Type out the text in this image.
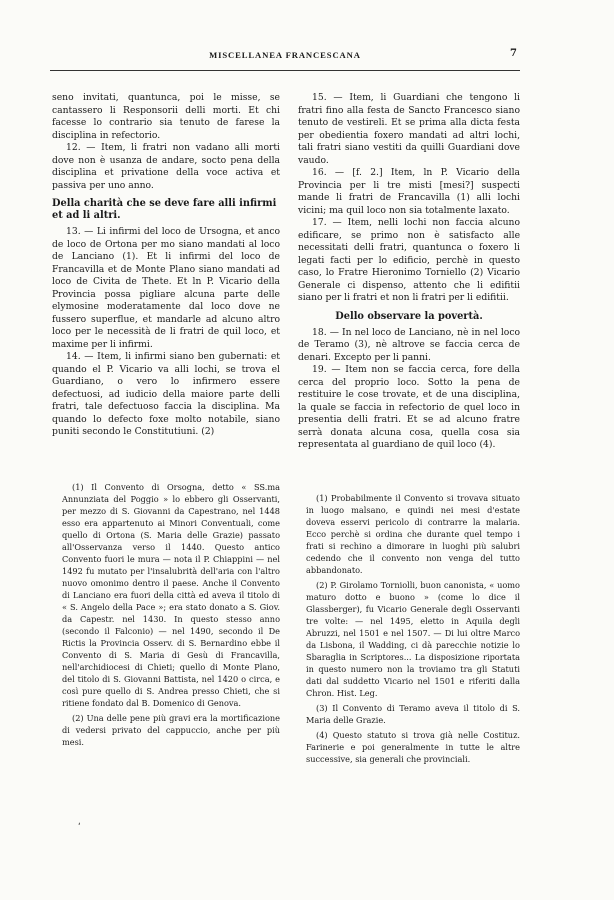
MISCELLANEA FRANCESCANA	7

seno invitati, quantunca, poi le misse, se cantassero li Responsorii delli morti. Et chi facesse lo contrario sia tenuto de farese la disciplina in refectorio.

12. — Item, li fratri non vadano alli morti dove non è usanza de andare, socto pena della disciplina et privatione della voce activa et passiva per uno anno.

Della charità che se deve fare alli infirmi et ad li altri.

13. — Li infirmi del loco de Ursogna, et anco de loco de Ortona per mo siano mandati al loco de Lanciano (1). Et li infirmi del loco de Francavilla et de Monte Plano siano mandati ad loco de Civita de Thete. Et ln P. Vicario della Provincia possa pigliare alcuna parte delle elymosine moderatamente dal loco dove ne fussero superflue, et mandarle ad alcuno altro loco per le necessità de li fratri de quil loco, et maxime per li infirmi.

14. — Item, li infirmi siano ben gubernati: et quando el P. Vicario va alli lochi, se trova el Guardiano, o vero lo infirmero essere defectuosi, ad iudicio della maiore parte delli fratri, tale defectuoso faccia la disciplina. Ma quando lo defecto foxe molto notabile, siano puniti secondo le Constitutiuni. (2)

(1) Il Convento di Orsogna, detto « SS.ma Annunziata del Poggio » lo ebbero gli Osservanti, per mezzo di S. Giovanni da Capestrano, nel 1448 esso era appartenuto ai Minori Conventuali, come quello di Ortona (S. Maria delle Grazie) passato all'Osservanza verso il 1440. Questo antico Convento fuori le mura — nota il P. Chiappini — nel 1492 fu mutato per l'insalubrità dell'aria con l'altro nuovo omonimo dentro il paese. Anche il Convento di Lanciano era fuori della città ed aveva il titolo di « S. Angelo della Pace »; era stato donato a S. Giov. da Capestr. nel 1430. In questo stesso anno (secondo il Falconio) — nel 1490, secondo il De Rictis la Provincia Osserv. di S. Bernardino ebbe il Convento di S. Maria di Gesù di Francavilla, nell'archidiocesi di Chieti; quello di Monte Plano, del titolo di S. Giovanni Battista, nel 1420 o circa, e così pure quello di S. Andrea presso Chieti, che si ritiene fondato dal B. Domenico di Genova.

(2) Una delle pene più gravi era la mortificazione di vedersi privato del cappuccio, anche per più mesi.

15. — Item, li Guardiani che tengono li fratri fino alla festa de Sancto Francesco siano tenuto de vestireli. Et se prima alla dicta festa per obedientia foxero mandati ad altri lochi, tali fratri siano vestiti da quilli Guardiani dove vaudo.

16. — [f. 2.] Item, ln P. Vicario della Provincia per li tre misti [mesi?] suspecti mande li fratri de Francavilla (1) alli lochi vicini; ma quil loco non sia totalmente laxato.

17. — Item, nelli lochi non faccia alcuno edificare, se primo non è satisfacto alle necessitati delli fratri, quantunca o foxero li legati facti per lo edificio, perchè in questo caso, lo Fratre Hieronimo Torniello (2) Vicario Generale ci dispenso, attento che li edifitii siano per li fratri et non li fratri per li edifitii.

Dello observare la povertà.

18. — In nel loco de Lanciano, nè in nel loco de Teramo (3), nè altrove se faccia cerca de denari. Excepto per li panni.

19. — Item non se faccia cerca, fore della cerca del proprio loco. Sotto la pena de restituire le cose trovate, et de una disciplina, la quale se faccia in refectorio de quel loco in presentia delli fratri. Et se ad alcuno fratre serrà donata alcuna cosa, quella cosa sia representata al guardiano de quil loco (4).

(1) Probabilmente il Convento si trovava situato in luogo malsano, e quindi nei mesi d'estate doveva esservi pericolo di contrarre la malaria. Ecco perchè si ordina che durante quel tempo i frati si rechino a dimorare in luoghi più salubri cedendo che il convento non venga del tutto abbandonato.

(2) P. Girolamo Torniolli, buon canonista, « uomo maturo dotto e buono » (come lo dice il Glassberger), fu Vicario Generale degli Osservanti tre volte: — nel 1495, eletto in Aquila degli Abruzzi, nel 1501 e nel 1507. — Di lui oltre Marco da Lisbona, il Wadding, ci dà parecchie notizie lo Sbaraglia in Scriptores... La disposizione riportata in questo numero non la troviamo tra gli Statuti dati dal suddetto Vicario nel 1501 e riferiti dalla Chron. Hist. Leg.

(3) Il Convento di Teramo aveva il titolo di S. Maria delle Grazie.

(4) Questo statuto si trova già nelle Costituz. Farinerie e poi generalmente in tutte le altre successive, sia generali che provinciali.

ʹ
